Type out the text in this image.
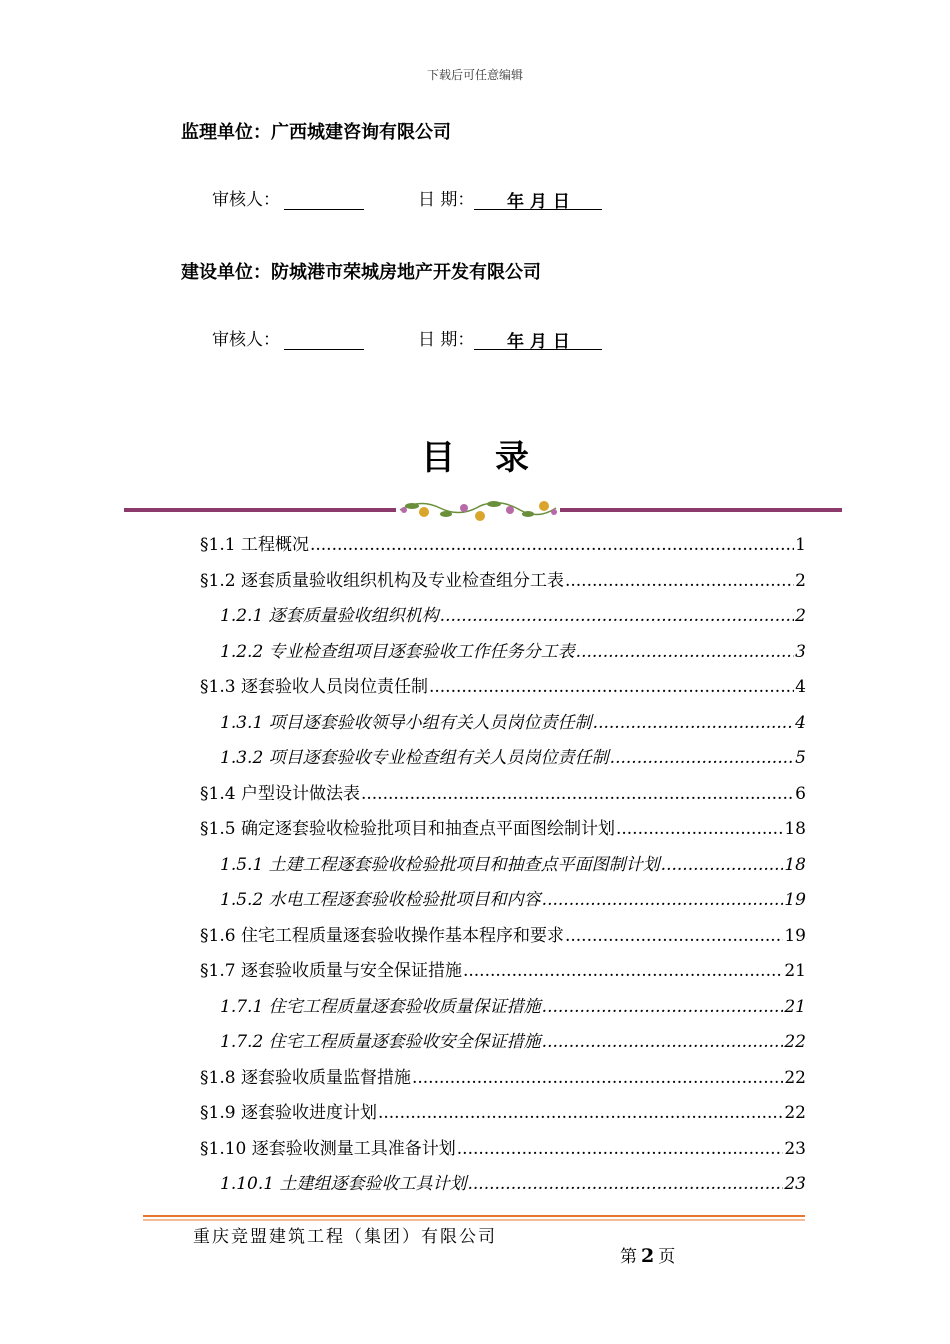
下载后可任意编辑
监理单位：广西城建咨询有限公司
审核人：	日 期：	年 月 日
建设单位：防城港市荣城房地产开发有限公司
审核人：	日 期：	年 月 日
目录
§1.1 工程概况 .....	1
§1.2 逐套质量验收组织机构及专业检查组分工表 .....	2
1.2.1 逐套质量验收组织机构 .....	2
1.2.2 专业检查组项目逐套验收工作任务分工表 .....	3
§1.3 逐套验收人员岗位责任制 .....	4
1.3.1 项目逐套验收领导小组有关人员岗位责任制 .....	4
1.3.2 项目逐套验收专业检查组有关人员岗位责任制 .....	5
§1.4 户型设计做法表 .....	6
§1.5 确定逐套验收检验批项目和抽查点平面图绘制计划 .....	18
1.5.1 土建工程逐套验收检验批项目和抽查点平面图制计划 .....	18
1.5.2 水电工程逐套验收检验批项目和内容 .....	19
§1.6 住宅工程质量逐套验收操作基本程序和要求 .....	19
§1.7 逐套验收质量与安全保证措施 .....	21
1.7.1 住宅工程质量逐套验收质量保证措施 .....	21
1.7.2 住宅工程质量逐套验收安全保证措施 .....	22
§1.8 逐套验收质量监督措施 .....	22
§1.9 逐套验收进度计划 .....	22
§1.10 逐套验收测量工具准备计划 .....	23
1.10.1 土建组逐套验收工具计划 .....	23
重庆竞盟建筑工程（集团）有限公司
第 2 页
